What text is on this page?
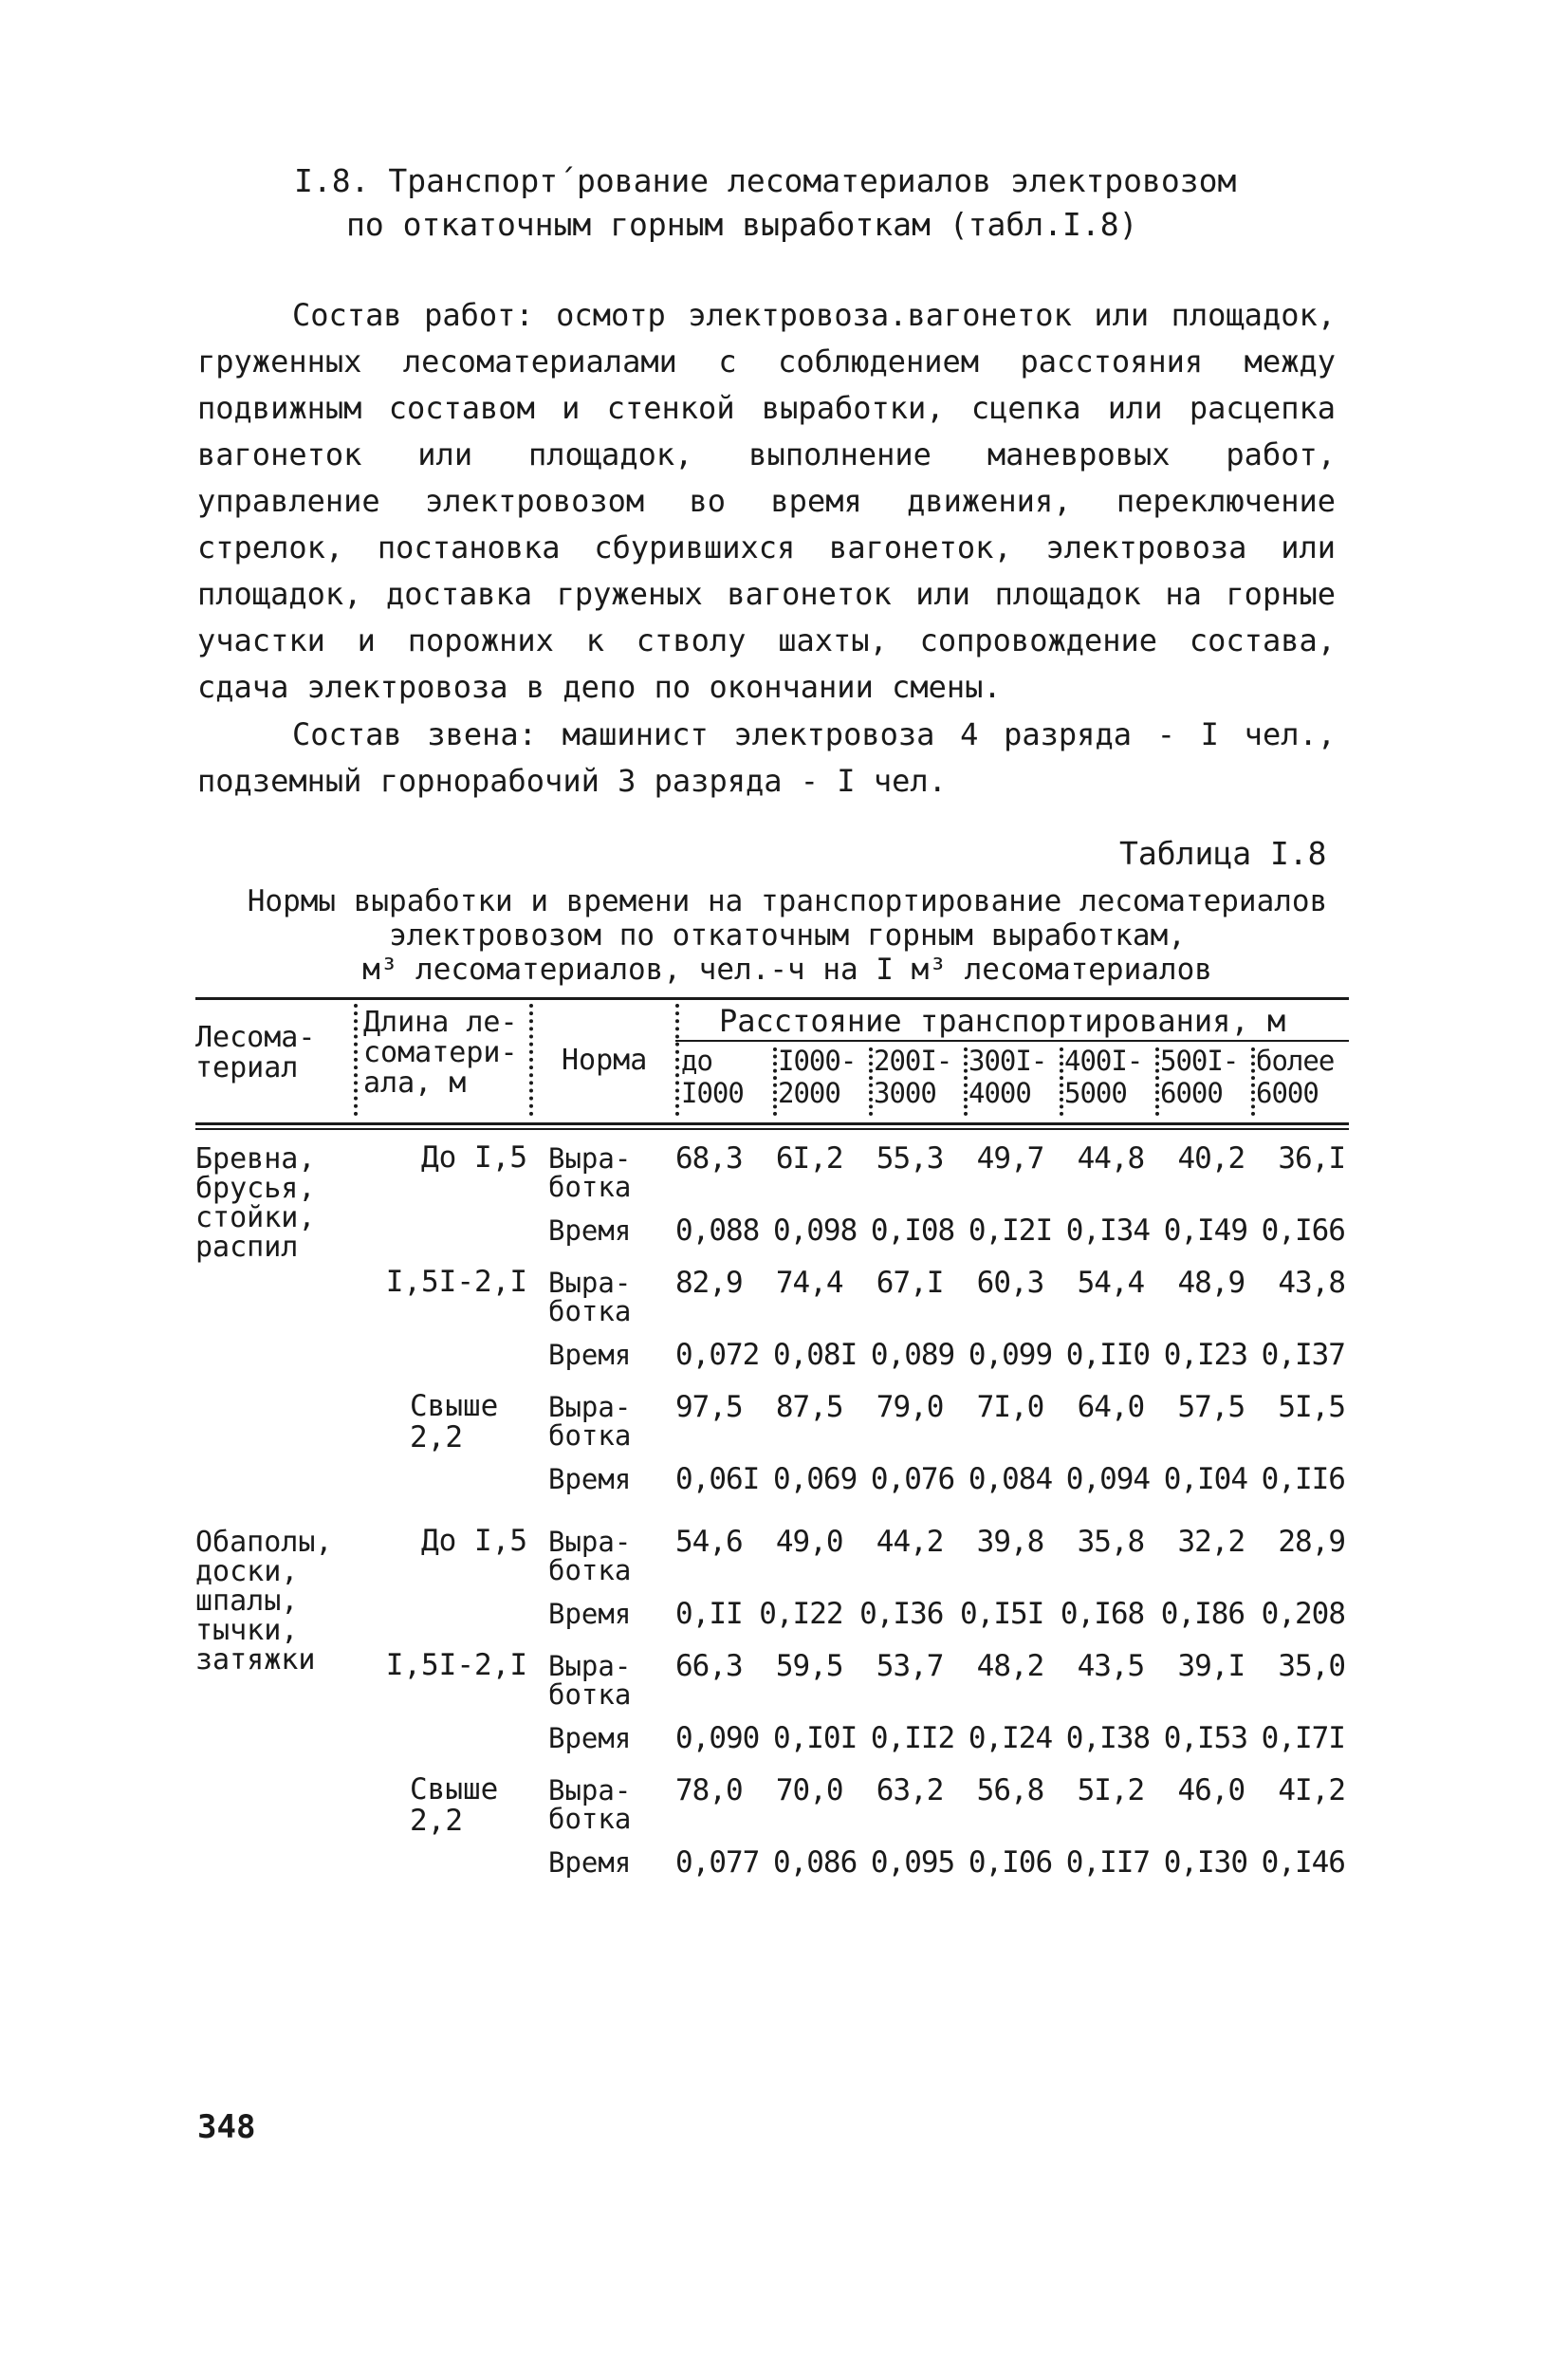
I.8. Транспорт´рование лесоматериалов электровозом
по откаточным горным выработкам (табл.I.8)
Состав работ: осмотр электровоза.вагонеток или площадок, груженных лесоматериалами с соблюдением расстояния между подвижным составом и стенкой выработки, сцепка или расцепка вагонеток или площадок, выполнение маневровых работ, управление электровозом во время движения, переключение стрелок, постановка сбурившихся вагонеток, электровоза или площадок, доставка груженых вагонеток или площадок на горные участки и порожних к стволу шахты, сопровождение состава, сдача электровоза в депо по окончании смены.
Состав звена: машинист электровоза 4 разряда - I чел., подземный горнорабочий 3 разряда - I чел.
Таблица I.8
Нормы выработки и времени на транспортирование лесоматериалов
электровозом по откаточным горным выработкам,
м³ лесоматериалов, чел.-ч на I м³ лесоматериалов
Лесома-
териал
Длина ле-
соматери-
ала, м
Норма
Расстояние транспортирования, м
до
I000
I000-
2000
200I-
3000
300I-
4000
400I-
5000
500I-
6000
более
6000
Бревна,
брусья,
стойки,
распил
До I,5 Выра-
ботка
68,3 6I,2 55,3 49,7 44,8 40,2 36,I
Время 0,088 0,098 0,I08 0,I2I 0,I34 0,I49 0,I66
I,5I-2,I Выра-
ботка
82,9 74,4 67,I 60,3 54,4 48,9 43,8
Время 0,072 0,08I 0,089 0,099 0,II0 0,I23 0,I37
Свыше
2,2
Выра-
ботка
97,5 87,5 79,0 7I,0 64,0 57,5 5I,5
Время 0,06I 0,069 0,076 0,084 0,094 0,I04 0,II6
Обаполы,
доски,
шпалы,
тычки,
затяжки
До I,5 Выра-
ботка
54,6 49,0 44,2 39,8 35,8 32,2 28,9
Время 0,II 0,I22 0,I36 0,I5I 0,I68 0,I86 0,208
I,5I-2,I Выра-
ботка
66,3 59,5 53,7 48,2 43,5 39,I 35,0
Время 0,090 0,I0I 0,II2 0,I24 0,I38 0,I53 0,I7I
Свыше
2,2
Выра-
ботка
78,0 70,0 63,2 56,8 5I,2 46,0 4I,2
Время 0,077 0,086 0,095 0,I06 0,II7 0,I30 0,I46
348
